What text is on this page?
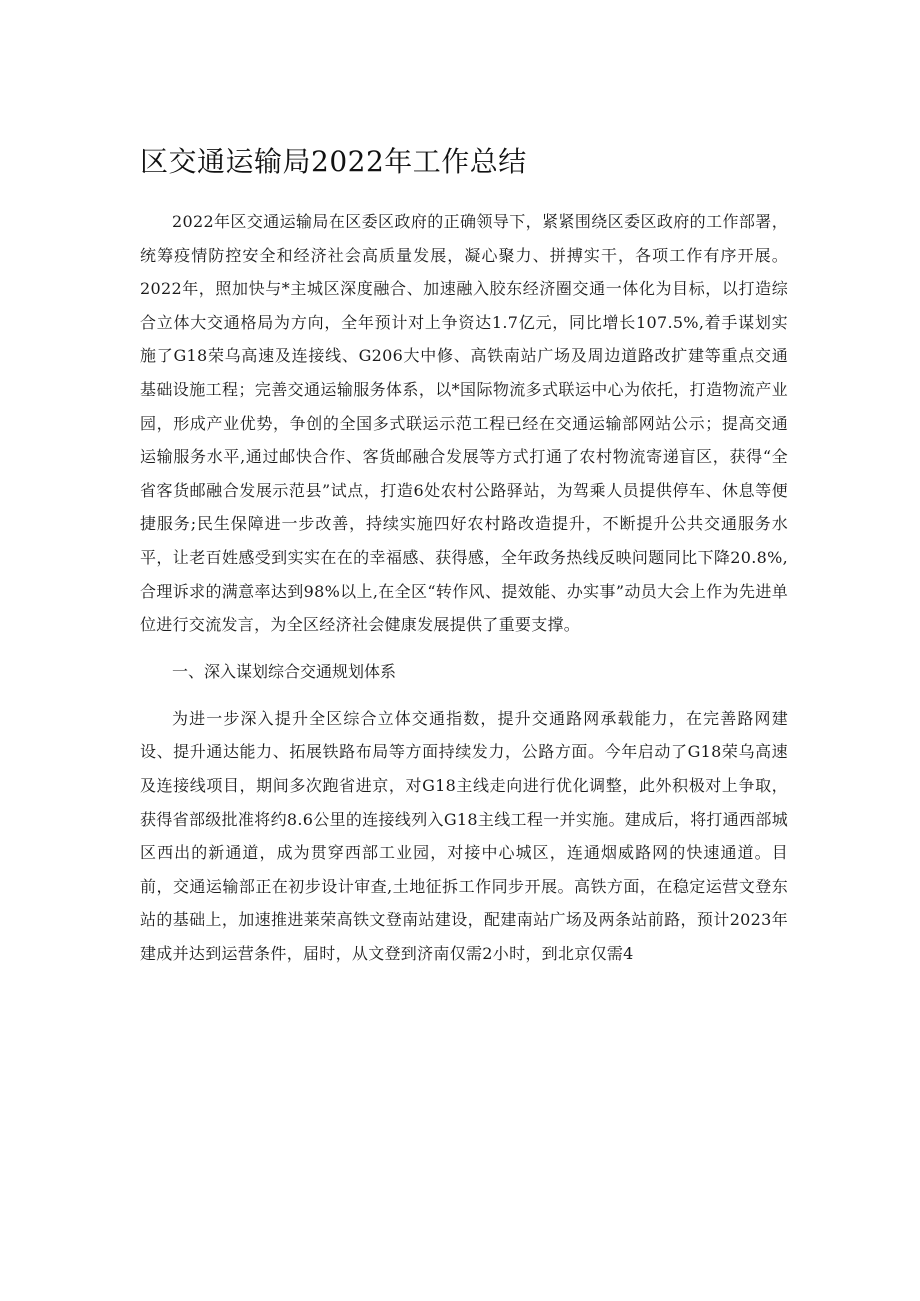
区交通运输局2022年工作总结

2022年区交通运输局在区委区政府的正确领导下，紧紧围绕区委区政府的工作部署，统筹疫情防控安全和经济社会高质量发展，凝心聚力、拼搏实干，各项工作有序开展。2022年，照加快与*主城区深度融合、加速融入胶东经济圈交通一体化为目标，以打造综合立体大交通格局为方向，全年预计对上争资达1.7亿元，同比增长107.5%,着手谋划实施了G18荣乌高速及连接线、G206大中修、高铁南站广场及周边道路改扩建等重点交通基础设施工程；完善交通运输服务体系，以*国际物流多式联运中心为依托，打造物流产业园，形成产业优势，争创的全国多式联运示范工程已经在交通运输部网站公示；提高交通运输服务水平,通过邮快合作、客货邮融合发展等方式打通了农村物流寄递盲区，获得“全省客货邮融合发展示范县”试点，打造6处农村公路驿站，为驾乘人员提供停车、休息等便捷服务;民生保障进一步改善，持续实施四好农村路改造提升，不断提升公共交通服务水平，让老百姓感受到实实在在的幸福感、获得感，全年政务热线反映问题同比下降20.8%,合理诉求的满意率达到98%以上,在全区“转作风、提效能、办实事”动员大会上作为先进单位进行交流发言，为全区经济社会健康发展提供了重要支撑。

一、深入谋划综合交通规划体系

为进一步深入提升全区综合立体交通指数，提升交通路网承载能力，在完善路网建设、提升通达能力、拓展铁路布局等方面持续发力，公路方面。今年启动了G18荣乌高速及连接线项目，期间多次跑省进京，对G18主线走向进行优化调整，此外积极对上争取，获得省部级批准将约8.6公里的连接线列入G18主线工程一并实施。建成后，将打通西部城区西出的新通道，成为贯穿西部工业园，对接中心城区，连通烟威路网的快速通道。目前，交通运输部正在初步设计审查,土地征拆工作同步开展。高铁方面，在稳定运营文登东站的基础上，加速推进莱荣高铁文登南站建设，配建南站广场及两条站前路，预计2023年建成并达到运营条件，届时，从文登到济南仅需2小时，到北京仅需4
